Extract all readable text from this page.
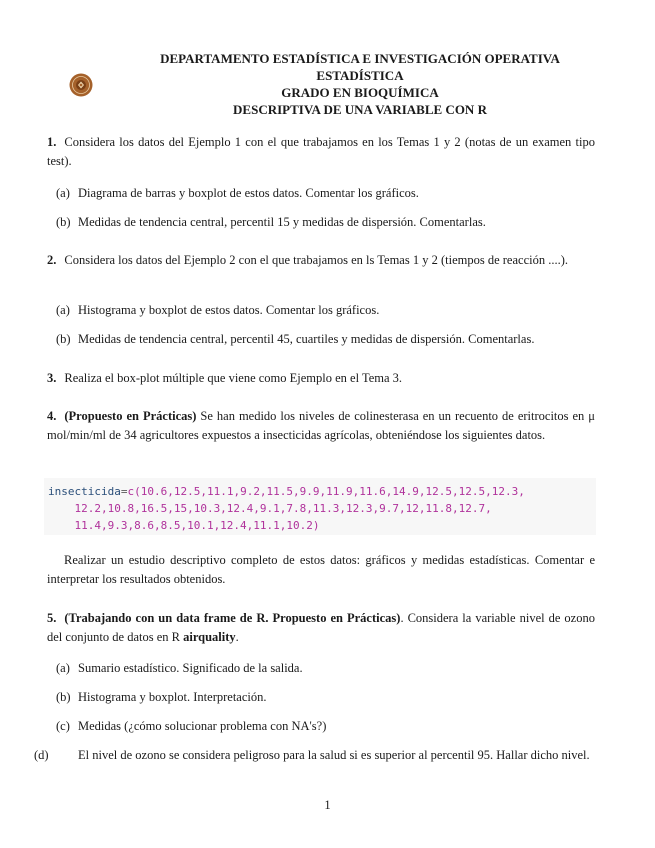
DEPARTAMENTO ESTADÍSTICA E INVESTIGACIÓN OPERATIVA
ESTADÍSTICA
GRADO EN BIOQUÍMICA
DESCRIPTIVA DE UNA VARIABLE CON R
1. Considera los datos del Ejemplo 1 con el que trabajamos en los Temas 1 y 2 (notas de un examen tipo test).
(a) Diagrama de barras y boxplot de estos datos. Comentar los gráficos.
(b) Medidas de tendencia central, percentil 15 y medidas de dispersión. Comentarlas.
2. Considera los datos del Ejemplo 2 con el que trabajamos en ls Temas 1 y 2 (tiempos de reacción ....).
(a) Histograma y boxplot de estos datos. Comentar los gráficos.
(b) Medidas de tendencia central, percentil 45, cuartiles y medidas de dispersión. Comentarlas.
3. Realiza el box-plot múltiple que viene como Ejemplo en el Tema 3.
4. (Propuesto en Prácticas) Se han medido los niveles de colinesterasa en un recuento de eritrocitos en μ mol/min/ml de 34 agricultores expuestos a insecticidas agrícolas, obteniéndose los siguientes datos.
insecticida=c(10.6,12.5,11.1,9.2,11.5,9.9,11.9,11.6,14.9,12.5,12.5,12.3,
12.2,10.8,16.5,15,10.3,12.4,9.1,7.8,11.3,12.3,9.7,12,11.8,12.7,
11.4,9.3,8.6,8.5,10.1,12.4,11.1,10.2)
Realizar un estudio descriptivo completo de estos datos: gráficos y medidas estadísticas. Comentar e interpretar los resultados obtenidos.
5. (Trabajando con un data frame de R. Propuesto en Prácticas). Considera la variable nivel de ozono del conjunto de datos en R airquality.
(a) Sumario estadístico. Significado de la salida.
(b) Histograma y boxplot. Interpretación.
(c) Medidas (¿cómo solucionar problema con NA's?)
(d) El nivel de ozono se considera peligroso para la salud si es superior al percentil 95. Hallar dicho nivel.
1
